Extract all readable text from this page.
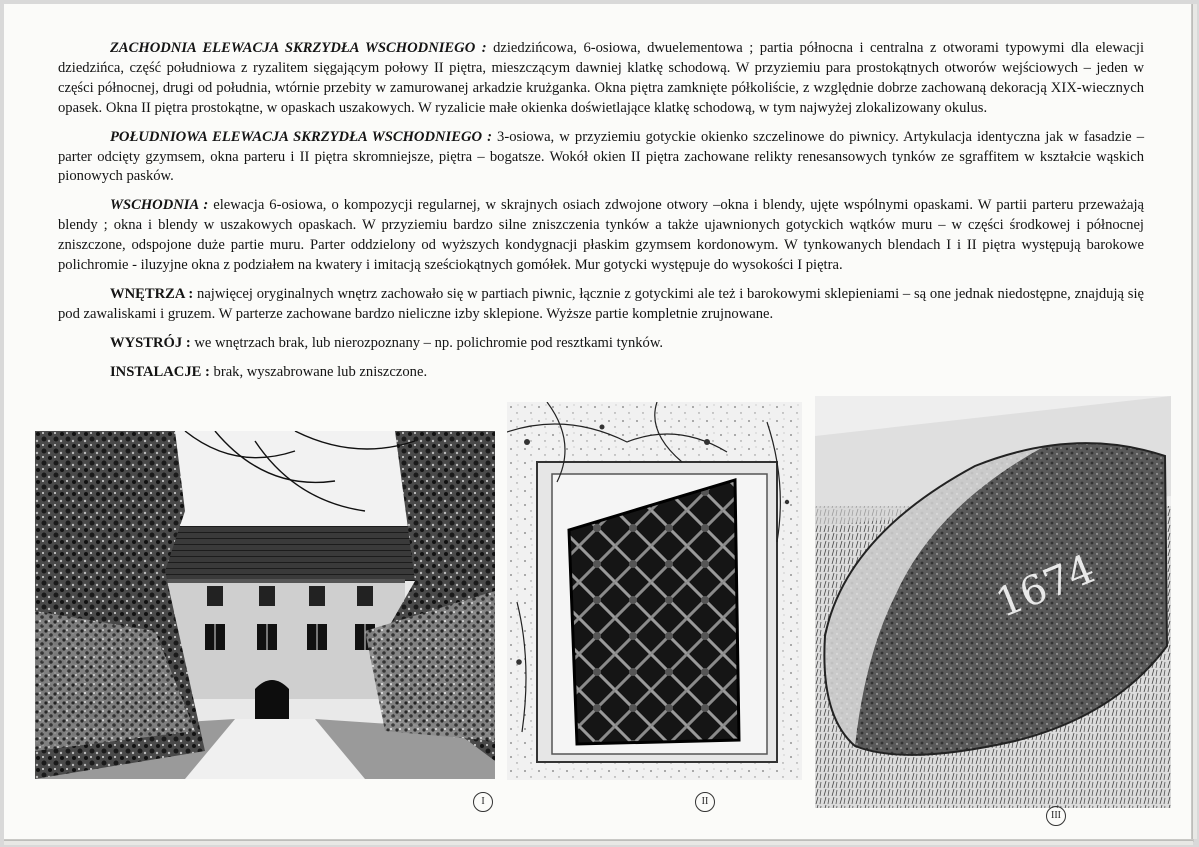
ZACHODNIA ELEWACJA SKRZYDŁA WSCHODNIEGO : dziedzińcowa, 6-osiowa, dwuelementowa ; partia północna i centralna z otworami typowymi dla elewacji dziedzińca, część południowa z ryzalitem sięgającym połowy II piętra, mieszczącym dawniej klatkę schodową. W przyziemiu para prostokątnych otworów wejściowych – jeden w części północnej, drugi od południa, wtórnie przebity w zamurowanej arkadzie krużganka. Okna piętra zamknięte półkoliście, z względnie dobrze zachowaną dekoracją XIX-wiecznych opasek. Okna II piętra prostokątne, w opaskach uszakowych. W ryzalicie małe okienka doświetlające klatkę schodową, w tym najwyżej zlokalizowany okulus.

POŁUDNIOWA ELEWACJA SKRZYDŁA WSCHODNIEGO : 3-osiowa, w przyziemiu gotyckie okienko szczelinowe do piwnicy. Artykulacja identyczna jak w fasadzie – parter odcięty gzymsem, okna parteru i II piętra skromniejsze, piętra – bogatsze. Wokół okien II piętra zachowane relikty renesansowych tynków ze sgraffitem w kształcie wąskich pionowych pasków.

WSCHODNIA : elewacja 6-osiowa, o kompozycji regularnej, w skrajnych osiach zdwojone otwory –okna i blendy, ujęte wspólnymi opaskami. W partii parteru przeważają blendy ; okna i blendy w uszakowych opaskach. W przyziemiu bardzo silne zniszczenia tynków a także ujawnionych gotyckich wątków muru – w części środkowej i północnej zniszczone, odspojone duże partie muru. Parter oddzielony od wyższych kondygnacji płaskim gzymsem kordonowym. W tynkowanych blendach I i II piętra występują barokowe polichromie - iluzyjne okna z podziałem na kwatery i imitacją sześciokątnych gomółek. Mur gotycki występuje do wysokości I piętra.

WNĘTRZA : najwięcej oryginalnych wnętrz zachowało się w partiach piwnic, łącznie z gotyckimi ale też i barokowymi sklepieniami – są one jednak niedostępne, znajdują się pod zawaliskami i gruzem. W parterze zachowane bardzo nieliczne izby sklepione. Wyższe partie kompletnie zrujnowane.

WYSTRÓJ : we wnętrzach brak, lub nierozpoznany – np. polichromie pod resztkami tynków.

INSTALACJE : brak, wyszabrowane lub zniszczone.

1674
I	II
III
